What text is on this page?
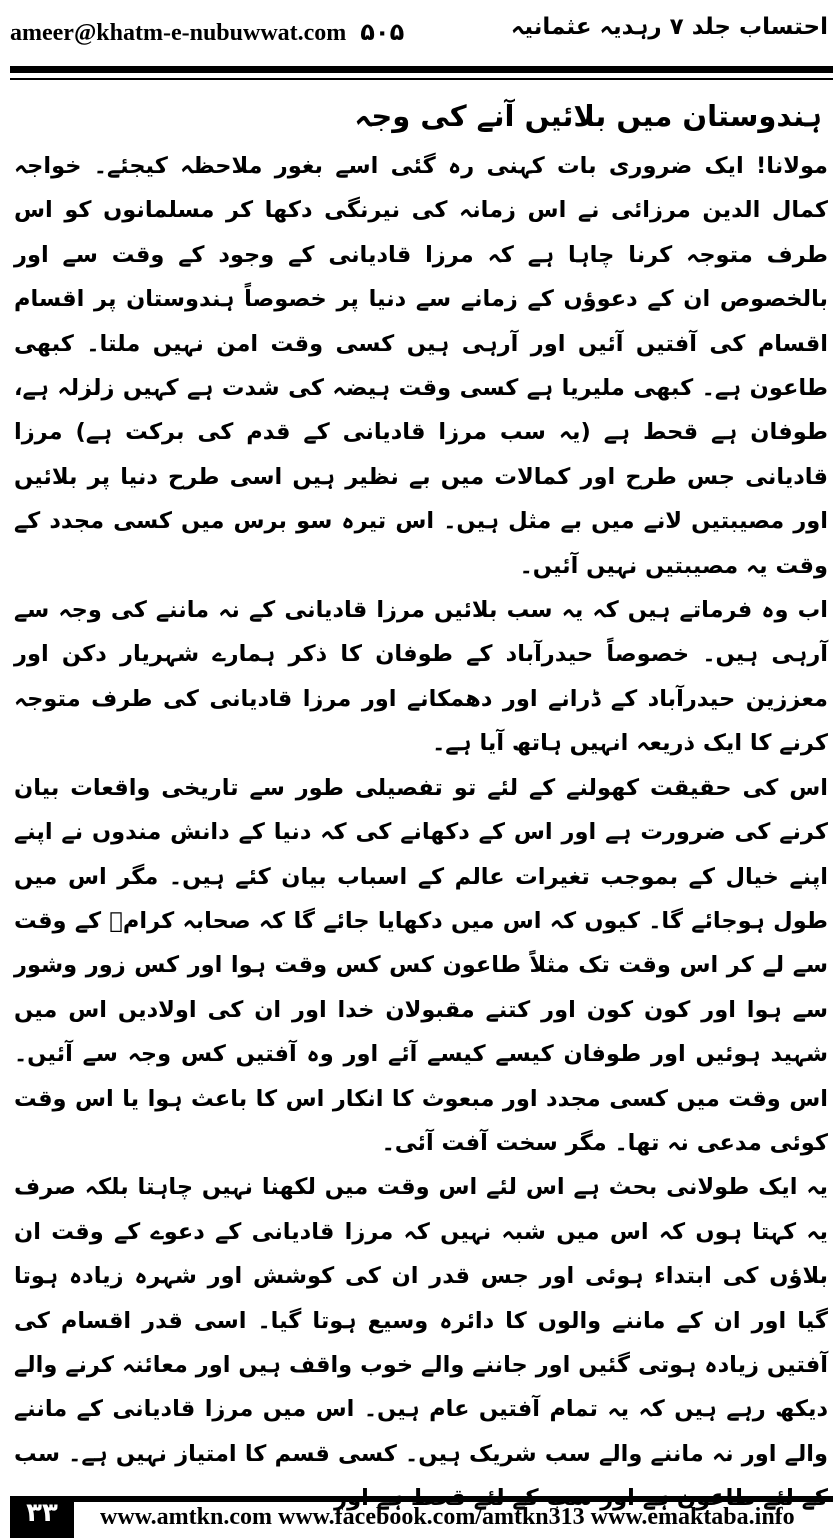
ameer@khatm-e-nubuwwat.com ۵۰۵	احتساب جلد ۷ رہدیہ عثمانیہ
ہندوستان میں بلائیں آنے کی وجہ

مولانا! ایک ضروری بات کہنی رہ گئی اسے بغور ملاحظہ کیجئے۔ خواجہ کمال الدین مرزائی نے اس زمانہ کی نیرنگی دکھا کر مسلمانوں کو اس طرف متوجہ کرنا چاہا ہے کہ مرزا قادیانی کے وجود کے وقت سے اور بالخصوص ان کے دعوؤں کے زمانے سے دنیا پر خصوصاً ہندوستان پر اقسام اقسام کی آفتیں آئیں اور آرہی ہیں کسی وقت امن نہیں ملتا۔ کبھی طاعون ہے۔ کبھی ملیریا ہے کسی وقت ہیضہ کی شدت ہے کہیں زلزلہ ہے، طوفان ہے قحط ہے (یہ سب مرزا قادیانی کے قدم کی برکت ہے) مرزا قادیانی جس طرح اور کمالات میں بے نظیر ہیں اسی طرح دنیا پر بلائیں اور مصیبتیں لانے میں بے مثل ہیں۔ اس تیرہ سو برس میں کسی مجدد کے وقت یہ مصیبتیں نہیں آئیں۔

اب وہ فرماتے ہیں کہ یہ سب بلائیں مرزا قادیانی کے نہ ماننے کی وجہ سے آرہی ہیں۔ خصوصاً حیدرآباد کے طوفان کا ذکر ہمارے شہریار دکن اور معززین حیدرآباد کے ڈرانے اور دھمکانے اور مرزا قادیانی کی طرف متوجہ کرنے کا ایک ذریعہ انہیں ہاتھ آیا ہے۔

اس کی حقیقت کھولنے کے لئے تو تفصیلی طور سے تاریخی واقعات بیان کرنے کی ضرورت ہے اور اس کے دکھانے کی کہ دنیا کے دانش مندوں نے اپنے اپنے خیال کے بموجب تغیرات عالم کے اسباب بیان کئے ہیں۔ مگر اس میں طول ہوجائے گا۔ کیوں کہ اس میں دکھایا جائے گا کہ صحابہ کرامؓ کے وقت سے لے کر اس وقت تک مثلاً طاعون کس کس وقت ہوا اور کس زور وشور سے ہوا اور کون کون اور کتنے مقبولان خدا اور ان کی اولادیں اس میں شہید ہوئیں اور طوفان کیسے کیسے آئے اور وہ آفتیں کس وجہ سے آئیں۔ اس وقت میں کسی مجدد اور مبعوث کا انکار اس کا باعث ہوا یا اس وقت کوئی مدعی نہ تھا۔ مگر سخت آفت آئی۔

یہ ایک طولانی بحث ہے اس لئے اس وقت میں لکھنا نہیں چاہتا بلکہ صرف یہ کہتا ہوں کہ اس میں شبہ نہیں کہ مرزا قادیانی کے دعوے کے وقت ان بلاؤں کی ابتداء ہوئی اور جس قدر ان کی کوشش اور شہرہ زیادہ ہوتا گیا اور ان کے ماننے والوں کا دائرہ وسیع ہوتا گیا۔ اسی قدر اقسام کی آفتیں زیادہ ہوتی گئیں اور جاننے والے خوب واقف ہیں اور معائنہ کرنے والے دیکھ رہے ہیں کہ یہ تمام آفتیں عام ہیں۔ اس میں مرزا قادیانی کے ماننے والے اور نہ ماننے والے سب شریک ہیں۔ کسی قسم کا امتیاز نہیں ہے۔ سب

۳۳	www.amtkn.com www.facebook.com/amtkn313 www.emaktaba.info
